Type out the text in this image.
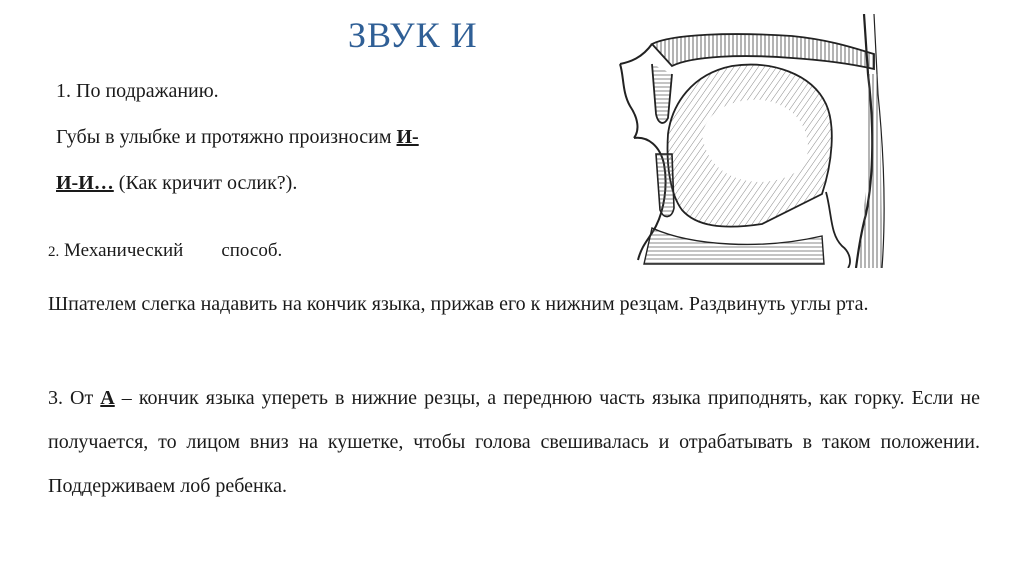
ЗВУК И
1. По подражанию.
Губы в улыбке и протяжно произносим И-
И-И… (Как кричит ослик?).
2. Механический способ.
Шпателем слегка надавить на кончик языка, прижав его к нижним резцам. Раздвинуть углы рта.
3. От А – кончик языка упереть в нижние резцы, а переднюю часть языка приподнять, как горку. Если не получается, то лицом вниз на кушетке, чтобы голова свешивалась и отрабатывать в таком положении. Поддерживаем лоб ребенка.
